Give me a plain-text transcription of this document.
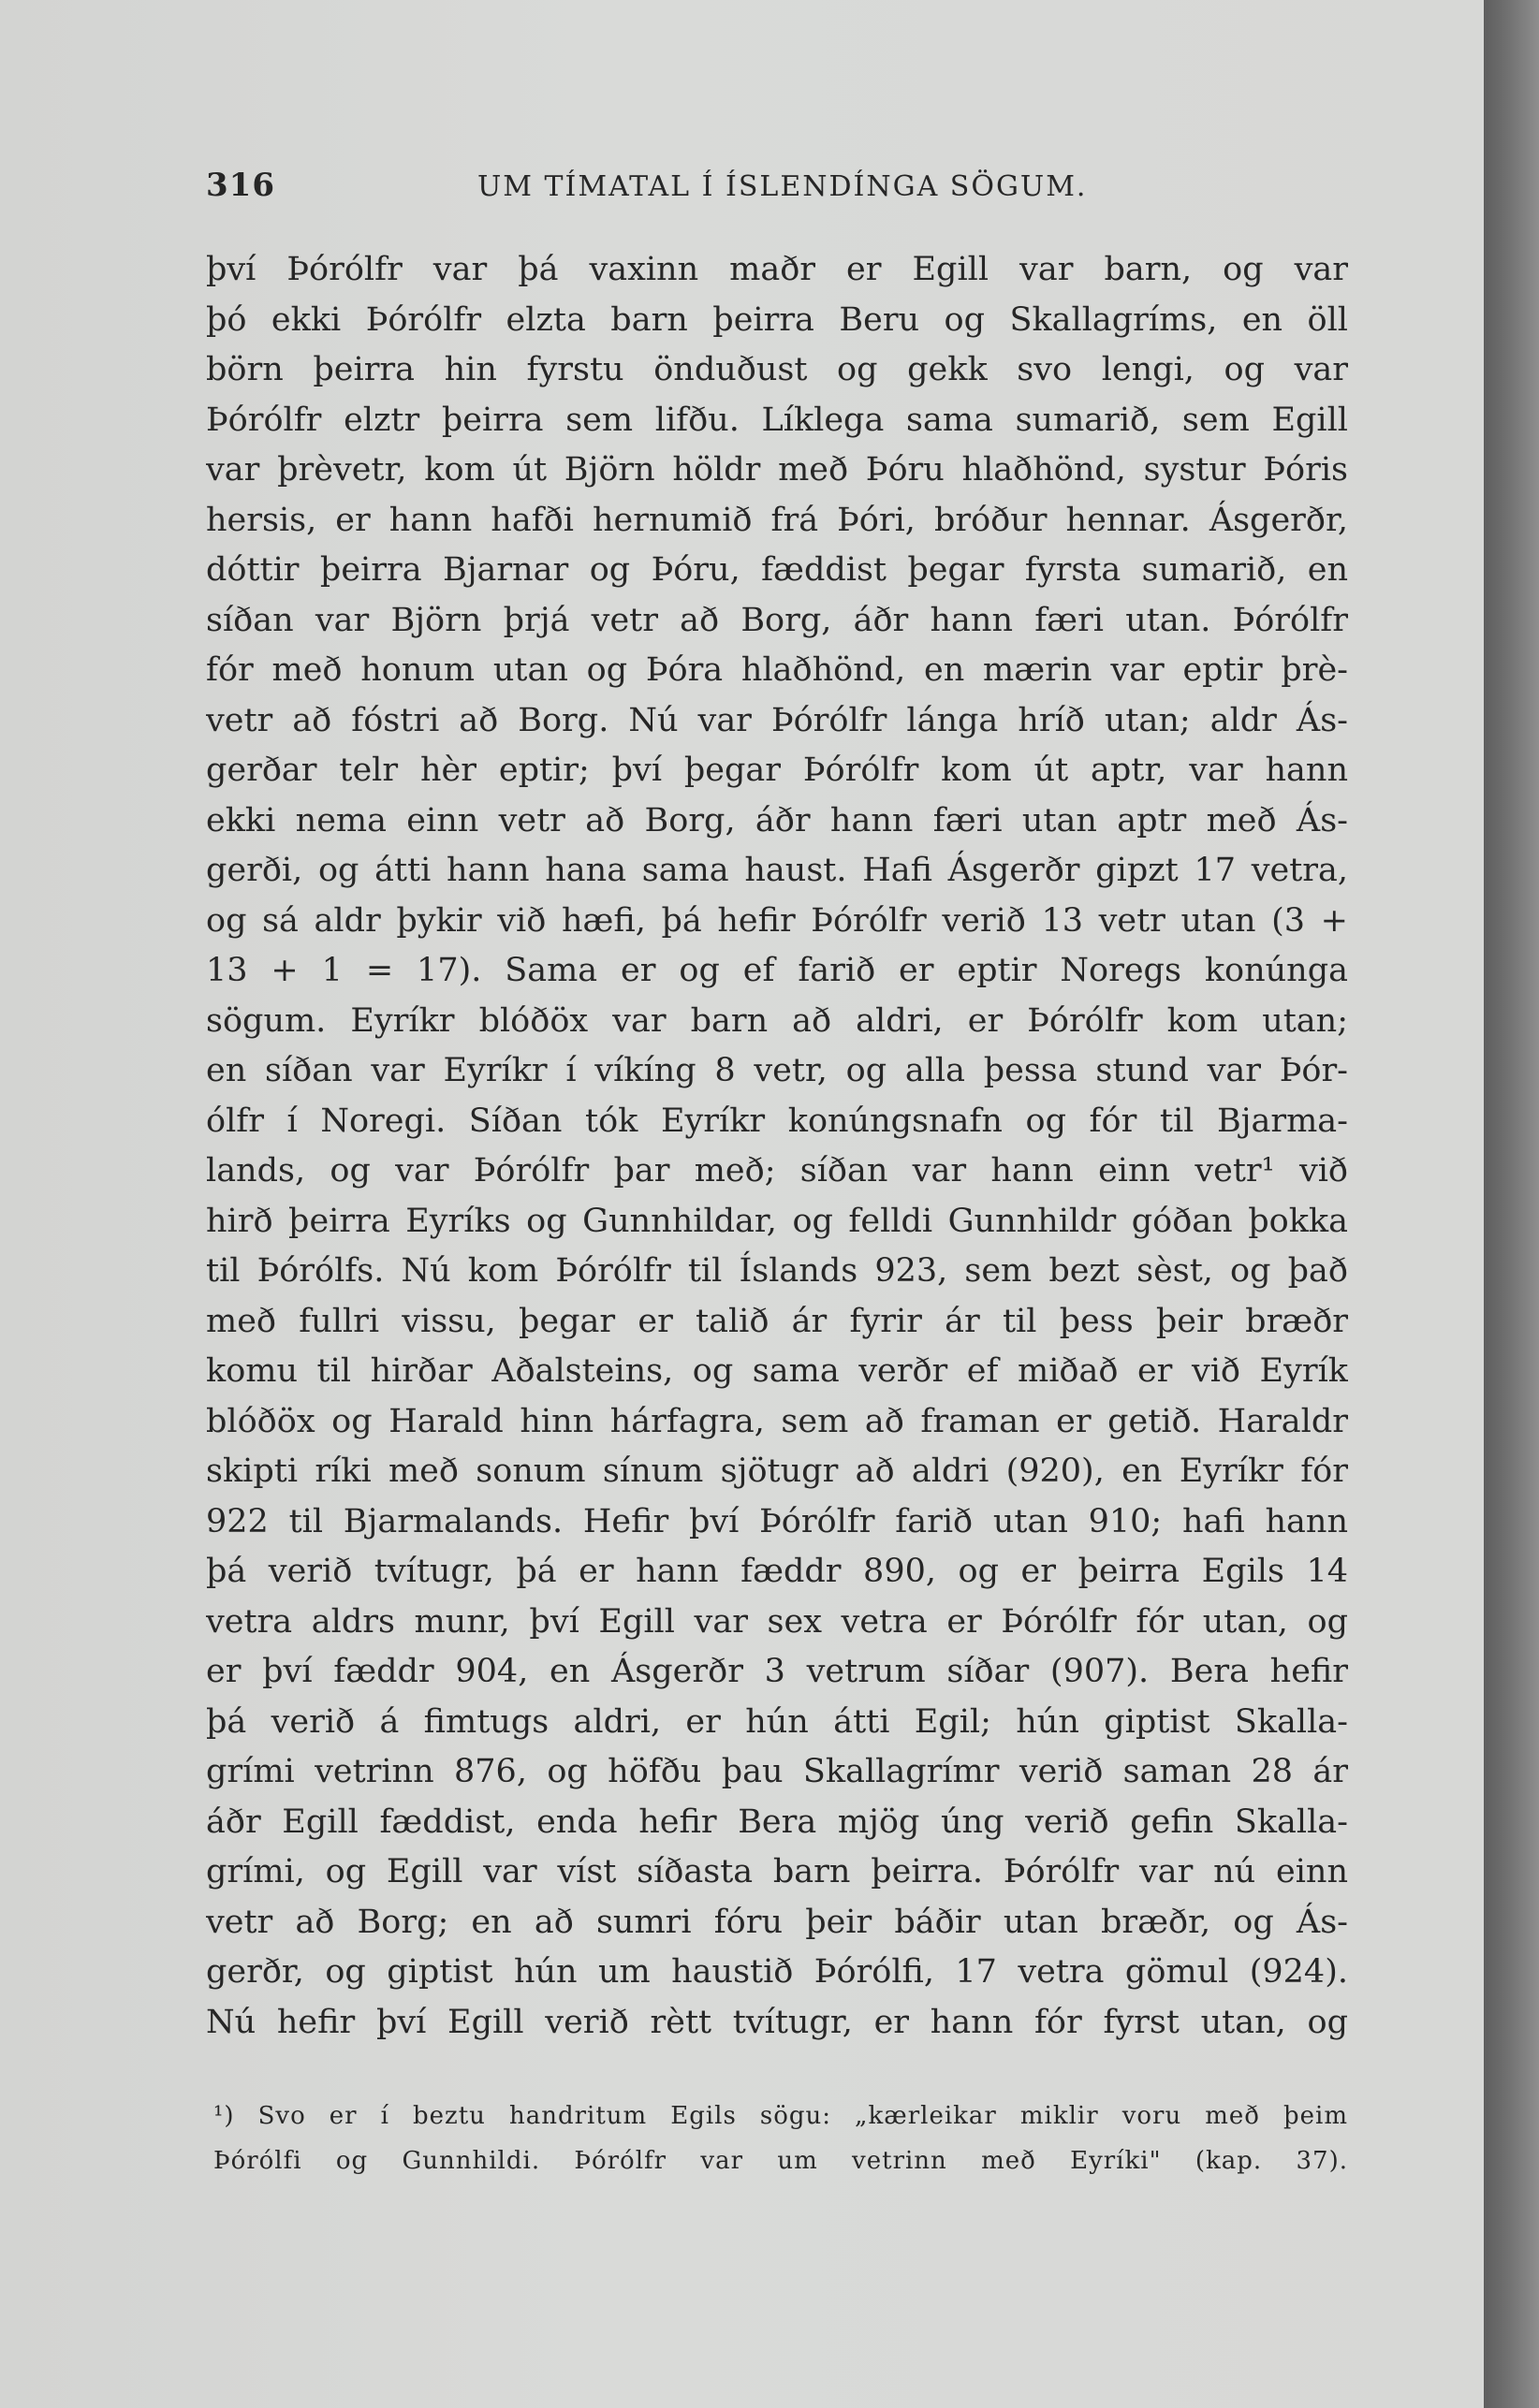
316	UM TÍMATAL Í ÍSLENDÍNGA SÖGUM.
því Þórólfr var þá vaxinn maðr er Egill var barn, og var
þó ekki Þórólfr elzta barn þeirra Beru og Skallagríms, en öll
börn þeirra hin fyrstu önduðust og gekk svo lengi, og var
Þórólfr elztr þeirra sem lifðu. Líklega sama sumarið, sem Egill
var þrèvetr, kom út Björn höldr með Þóru hlaðhönd, systur Þóris
hersis, er hann hafði hernumið frá Þóri, bróður hennar. Ásgerðr,
dóttir þeirra Bjarnar og Þóru, fæddist þegar fyrsta sumarið, en
síðan var Björn þrjá vetr að Borg, áðr hann færi utan. Þórólfr
fór með honum utan og Þóra hlaðhönd, en mærin var eptir þrè-
vetr að fóstri að Borg. Nú var Þórólfr lánga hríð utan; aldr Ás-
gerðar telr hèr eptir; því þegar Þórólfr kom út aptr, var hann
ekki nema einn vetr að Borg, áðr hann færi utan aptr með Ás-
gerði, og átti hann hana sama haust. Hafi Ásgerðr gipzt 17 vetra,
og sá aldr þykir við hæfi, þá hefir Þórólfr verið 13 vetr utan (3 +
13 + 1 = 17). Sama er og ef farið er eptir Noregs konúnga
sögum. Eyríkr blóðöx var barn að aldri, er Þórólfr kom utan;
en síðan var Eyríkr í víkíng 8 vetr, og alla þessa stund var Þór-
ólfr í Noregi. Síðan tók Eyríkr konúngsnafn og fór til Bjarma-
lands, og var Þórólfr þar með; síðan var hann einn vetr¹ við
hirð þeirra Eyríks og Gunnhildar, og felldi Gunnhildr góðan þokka
til Þórólfs. Nú kom Þórólfr til Íslands 923, sem bezt sèst, og það
með fullri vissu, þegar er talið ár fyrir ár til þess þeir bræðr
komu til hirðar Aðalsteins, og sama verðr ef miðað er við Eyrík
blóðöx og Harald hinn hárfagra, sem að framan er getið. Haraldr
skipti ríki með sonum sínum sjötugr að aldri (920), en Eyríkr fór
922 til Bjarmalands. Hefir því Þórólfr farið utan 910; hafi hann
þá verið tvítugr, þá er hann fæddr 890, og er þeirra Egils 14
vetra aldrs munr, því Egill var sex vetra er Þórólfr fór utan, og
er því fæddr 904, en Ásgerðr 3 vetrum síðar (907). Bera hefir
þá verið á fimtugs aldri, er hún átti Egil; hún giptist Skalla-
grími vetrinn 876, og höfðu þau Skallagrímr verið saman 28 ár
áðr Egill fæddist, enda hefir Bera mjög úng verið gefin Skalla-
grími, og Egill var víst síðasta barn þeirra. Þórólfr var nú einn
vetr að Borg; en að sumri fóru þeir báðir utan bræðr, og Ás-
gerðr, og giptist hún um haustið Þórólfi, 17 vetra gömul (924).
Nú hefir því Egill verið rètt tvítugr, er hann fór fyrst utan, og
¹) Svo er í beztu handritum Egils sögu: „kærleikar miklir voru með þeim
Þórólfi og Gunnhildi. Þórólfr var um vetrinn með Eyríki" (kap. 37).
